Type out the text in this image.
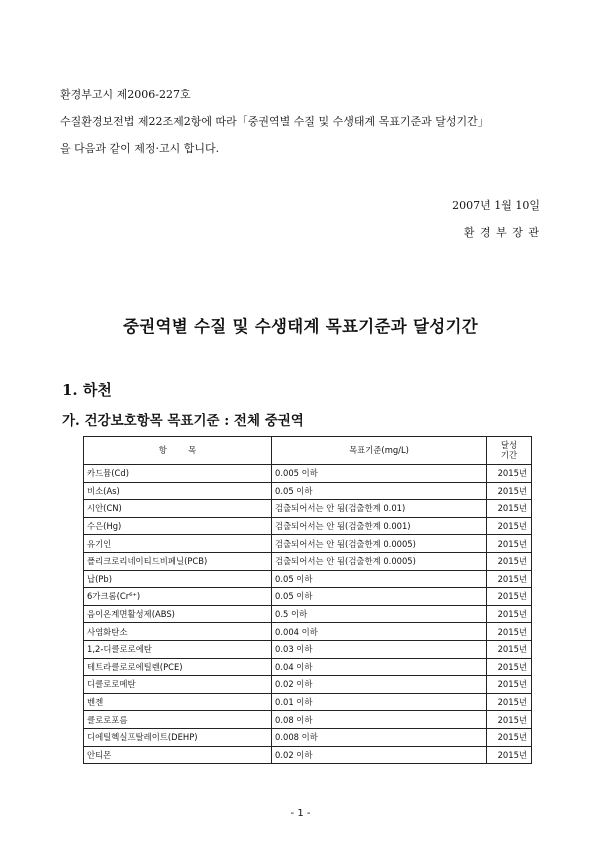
환경부고시 제2006-227호

수질환경보전법 제22조제2항에 따라「중권역별 수질 및 수생태계 목표기준과 달성기간」

을 다음과 같이 제정·고시 합니다.

2007년 1월 10일

환 경 부 장 관

중권역별 수질 및 수생태계 목표기준과 달성기간

1. 하천

가. 건강보호항목 목표기준 : 전체 중권역

항        목	목표기준(mg/L)	달성
기간

카드뮴(Cd)	0.005 이하	2015년
비소(As)	0.05 이하	2015년
시안(CN)	검출되어서는 안 됨(검출한계 0.01)	2015년
수은(Hg)	검출되어서는 안 됨(검출한계 0.001)	2015년
유기인	검출되어서는 안 됨(검출한계 0.0005)	2015년
폴리크로리네이티드비페닐(PCB)	검출되어서는 안 됨(검출한계 0.0005)	2015년
납(Pb)	0.05 이하	2015년
6가크롬(Cr⁶⁺)	0.05 이하	2015년
음이온계면활성제(ABS)	0.5 이하	2015년
사염화탄소	0.004 이하	2015년
1,2-디클로로에탄	0.03 이하	2015년
테트라클로로에틸렌(PCE)	0.04 이하	2015년
디클로로메탄	0.02 이하	2015년
벤젠	0.01 이하	2015년
클로로포름	0.08 이하	2015년
디에틸헥실프탈레이트(DEHP)	0.008 이하	2015년
안티몬	0.02 이하	2015년

- 1 -
